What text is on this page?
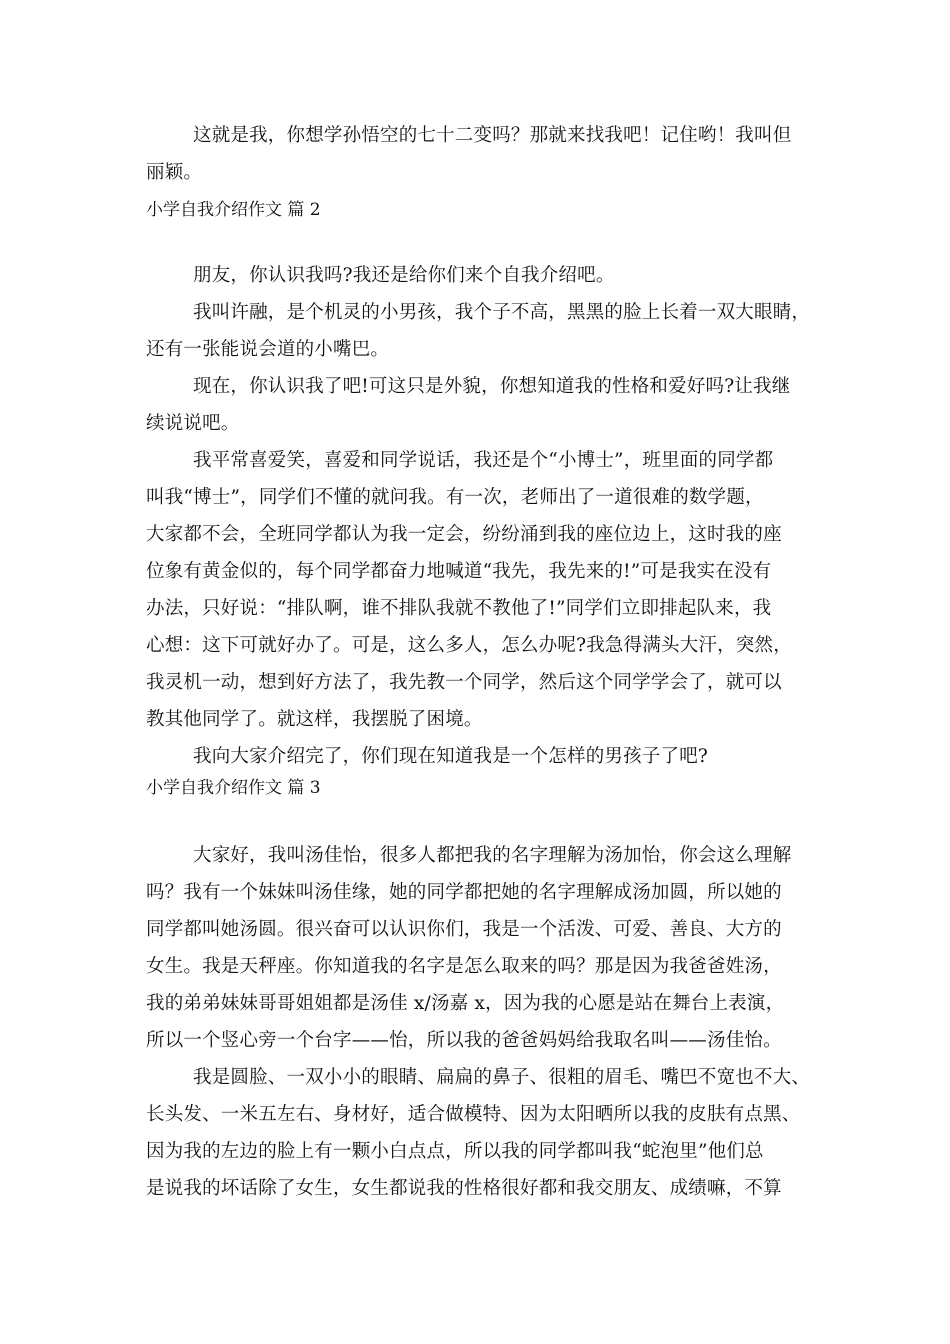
这就是我，你想学孙悟空的七十二变吗？那就来找我吧！记住哟！我叫但
丽颖。
小学自我介绍作文 篇 2
朋友，你认识我吗?我还是给你们来个自我介绍吧。
我叫许融，是个机灵的小男孩，我个子不高，黑黑的脸上长着一双大眼睛，
还有一张能说会道的小嘴巴。
现在，你认识我了吧!可这只是外貌，你想知道我的性格和爱好吗?让我继
续说说吧。
我平常喜爱笑，喜爱和同学说话，我还是个“小博士”，班里面的同学都
叫我“博士”，同学们不懂的就问我。有一次，老师出了一道很难的数学题，
大家都不会，全班同学都认为我一定会，纷纷涌到我的座位边上，这时我的座
位象有黄金似的，每个同学都奋力地喊道“我先，我先来的!”可是我实在没有
办法，只好说：“排队啊，谁不排队我就不教他了!”同学们立即排起队来，我
心想：这下可就好办了。可是，这么多人，怎么办呢?我急得满头大汗，突然，
我灵机一动，想到好方法了，我先教一个同学，然后这个同学学会了，就可以
教其他同学了。就这样，我摆脱了困境。
我向大家介绍完了，你们现在知道我是一个怎样的男孩子了吧?
小学自我介绍作文 篇 3
大家好，我叫汤佳怡，很多人都把我的名字理解为汤加怡，你会这么理解
吗？我有一个妹妹叫汤佳缘，她的同学都把她的名字理解成汤加圆，所以她的
同学都叫她汤圆。很兴奋可以认识你们，我是一个活泼、可爱、善良、大方的
女生。我是天秤座。你知道我的名字是怎么取来的吗？那是因为我爸爸姓汤，
我的弟弟妹妹哥哥姐姐都是汤佳 x/汤嘉 x，因为我的心愿是站在舞台上表演，
所以一个竖心旁一个台字——怡，所以我的爸爸妈妈给我取名叫——汤佳怡。
我是圆脸、一双小小的眼睛、扁扁的鼻子、很粗的眉毛、嘴巴不宽也不大、
长头发、一米五左右、身材好，适合做模特、因为太阳晒所以我的皮肤有点黑、
因为我的左边的脸上有一颗小白点点，所以我的同学都叫我“蛇泡里”他们总
是说我的坏话除了女生，女生都说我的性格很好都和我交朋友、成绩嘛，不算
